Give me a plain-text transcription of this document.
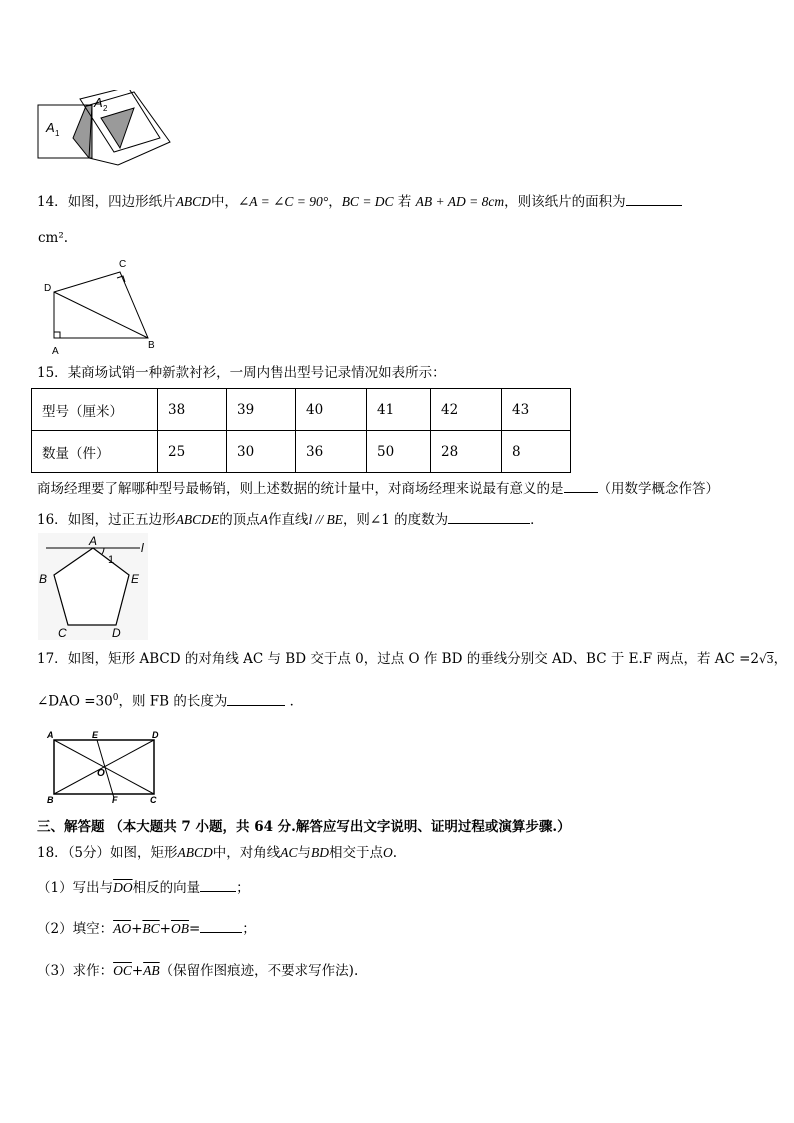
A 1
A 2
14．如图，四边形纸片ABCD中，∠A = ∠C = 90°，BC = DC 若 AB + AD = 8cm，则该纸片的面积为
cm².
A
B
C
D
15．某商场试销一种新款衬衫，一周内售出型号记录情况如表所示：
型号（厘米）	38	39	40	41	42	43
数量（件）	25	30	36	50	28	8
商场经理要了解哪种型号最畅销，则上述数据的统计量中，对商场经理来说最有意义的是	（用数学概念作答）
16．如图，过正五边形ABCDE的顶点A作直线l // BE，则∠1 的度数为	．
A
B
C	D
E
1
l
17．如图，矩形 ABCD 的对角线 AC 与 BD 交于点 0，过点 O 作 BD 的垂线分别交 AD、BC 于 E.F 两点，若 AC =2√3，
∠DAO $=30^0$，则 FB 的长度为	．
A
B	C
D
E
F
O
三、解答题 （本大题共 7 小题，共 64 分.解答应写出文字说明、证明过程或演算步骤.）
18．（5分）如图，矩形ABCD中，对角线AC与BD相交于点O.
（1）写出与$\overline{DO}$相反的向量	；
（2）填空：$\overline{AO}+\overline{BC}+\overline{OB}=$	；
（3）求作：$\overline{OC}+\overline{AB}$（保留作图痕迹，不要求写作法).
